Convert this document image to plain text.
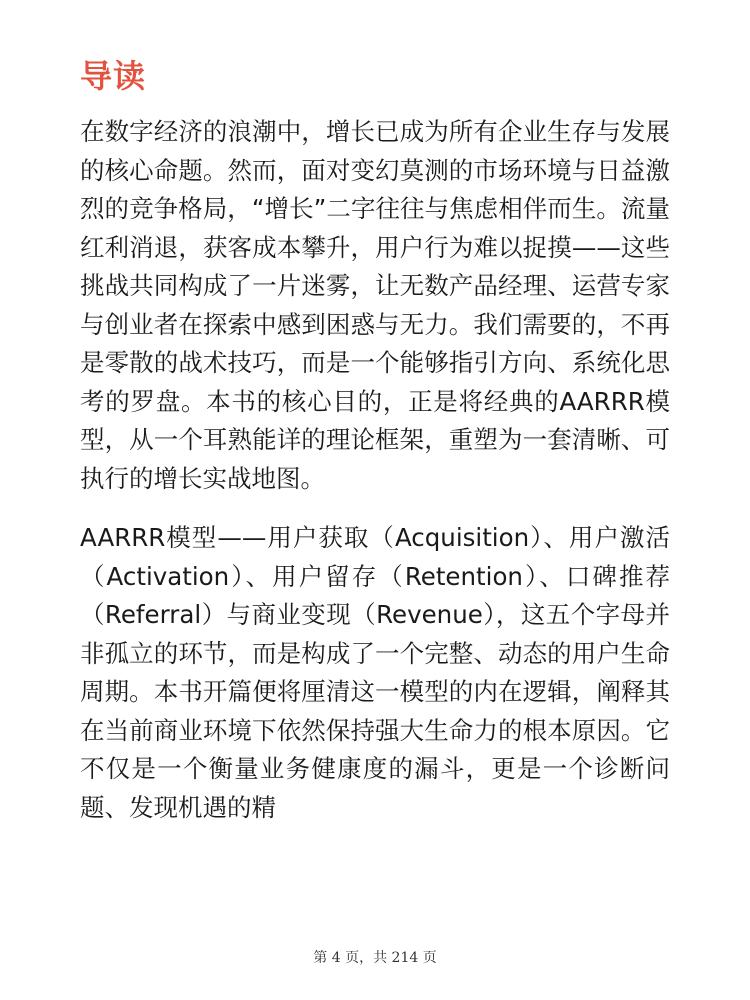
导读

在数字经济的浪潮中，增长已成为所有企业生存与发展的核心命题。然而，面对变幻莫测的市场环境与日益激烈的竞争格局，“增长”二字往往与焦虑相伴而生。流量红利消退，获客成本攀升，用户行为难以捉摸——这些挑战共同构成了一片迷雾，让无数产品经理、运营专家与创业者在探索中感到困惑与无力。我们需要的，不再是零散的战术技巧，而是一个能够指引方向、系统化思考的罗盘。本书的核心目的，正是将经典的AARRR模型，从一个耳熟能详的理论框架，重塑为一套清晰、可执行的增长实战地图。

AARRR模型——用户获取（Acquisition）、用户激活（Activation）、用户留存（Retention）、口碑推荐（Referral）与商业变现（Revenue），这五个字母并非孤立的环节，而是构成了一个完整、动态的用户生命周期。本书开篇便将厘清这一模型的内在逻辑，阐释其在当前商业环境下依然保持强大生命力的根本原因。它不仅是一个衡量业务健康度的漏斗，更是一个诊断问题、发现机遇的精

第 4 页，共 214 页
